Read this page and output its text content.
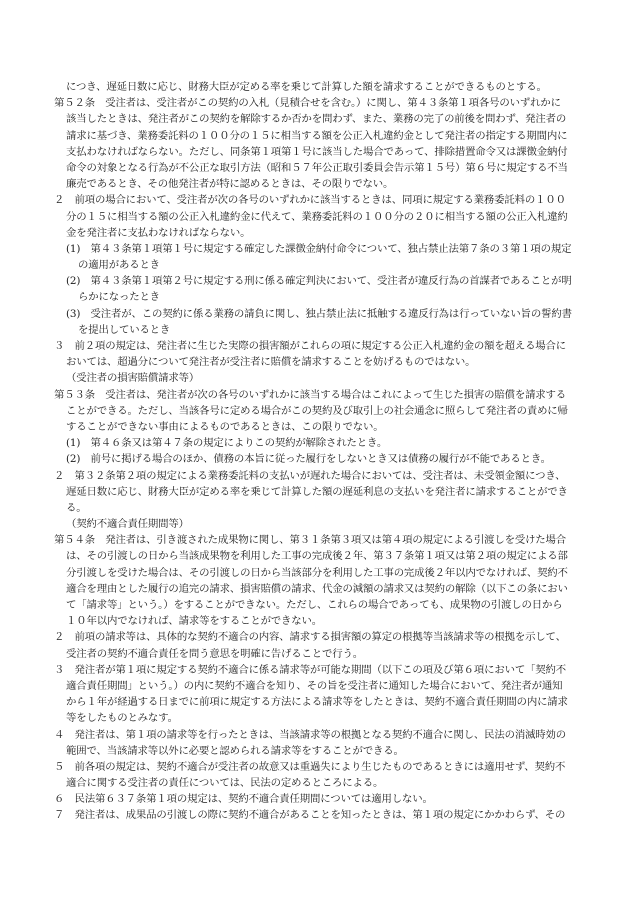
につき、遅延日数に応じ、財務大臣が定める率を乗じて計算した額を請求することができるものとする。
第５２条　受注者は、受注者がこの契約の入札（見積合せを含む。）に関し、第４３条第１項各号のいずれかに
該当したときは、発注者がこの契約を解除するか否かを問わず、また、業務の完了の前後を問わず、発注者の
請求に基づき、業務委託料の１００分の１５に相当する額を公正入札違約金として発注者の指定する期間内に
支払わなければならない。ただし、同条第１項第１号に該当した場合であって、排除措置命令又は課徴金納付
命令の対象となる行為が不公正な取引方法（昭和５７年公正取引委員会告示第１５号）第６号に規定する不当
廉売であるとき、その他発注者が特に認めるときは、その限りでない。
２　前項の場合において、受注者が次の各号のいずれかに該当するときは、同項に規定する業務委託料の１００
分の１５に相当する額の公正入札違約金に代えて、業務委託料の１００分の２０に相当する額の公正入札違約
金を発注者に支払わなければならない。
(1)　第４３条第１項第１号に規定する確定した課徴金納付命令について、独占禁止法第７条の３第１項の規定
の適用があるとき
(2)　第４３条第１項第２号に規定する刑に係る確定判決において、受注者が違反行為の首謀者であることが明
らかになったとき
(3)　受注者が、この契約に係る業務の請負に関し、独占禁止法に抵触する違反行為は行っていない旨の誓約書
を提出しているとき
３　前２項の規定は、発注者に生じた実際の損害額がこれらの項に規定する公正入札違約金の額を超える場合に
おいては、超過分について発注者が受注者に賠償を請求することを妨げるものではない。
（受注者の損害賠償請求等）
第５３条　受注者は、発注者が次の各号のいずれかに該当する場合はこれによって生じた損害の賠償を請求する
ことができる。ただし、当該各号に定める場合がこの契約及び取引上の社会通念に照らして発注者の責めに帰
することができない事由によるものであるときは、この限りでない。
(1)　第４６条又は第４７条の規定によりこの契約が解除されたとき。
(2)　前号に掲げる場合のほか、債務の本旨に従った履行をしないとき又は債務の履行が不能であるとき。
２　第３２条第２項の規定による業務委託料の支払いが遅れた場合においては、受注者は、未受領金額につき、
遅延日数に応じ、財務大臣が定める率を乗じて計算した額の遅延利息の支払いを発注者に請求することができ
る。
（契約不適合責任期間等）
第５４条　発注者は、引き渡された成果物に関し、第３１条第３項又は第４項の規定による引渡しを受けた場合
は、その引渡しの日から当該成果物を利用した工事の完成後２年、第３７条第１項又は第２項の規定による部
分引渡しを受けた場合は、その引渡しの日から当該部分を利用した工事の完成後２年以内でなければ、契約不
適合を理由とした履行の追完の請求、損害賠償の請求、代金の減額の請求又は契約の解除（以下この条におい
て「請求等」という。）をすることができない。ただし、これらの場合であっても、成果物の引渡しの日から
１０年以内でなければ、請求等をすることができない。
２　前項の請求等は、具体的な契約不適合の内容、請求する損害額の算定の根拠等当該請求等の根拠を示して、
受注者の契約不適合責任を問う意思を明確に告げることで行う。
３　発注者が第１項に規定する契約不適合に係る請求等が可能な期間（以下この項及び第６項において「契約不
適合責任期間」という。）の内に契約不適合を知り、その旨を受注者に通知した場合において、発注者が通知
から１年が経過する日までに前項に規定する方法による請求等をしたときは、契約不適合責任期間の内に請求
等をしたものとみなす。
４　発注者は、第１項の請求等を行ったときは、当該請求等の根拠となる契約不適合に関し、民法の消滅時効の
範囲で、当該請求等以外に必要と認められる請求等をすることができる。
５　前各項の規定は、契約不適合が受注者の故意又は重過失により生じたものであるときには適用せず、契約不
適合に関する受注者の責任については、民法の定めるところによる。
６　民法第６３７条第１項の規定は、契約不適合責任期間については適用しない。
７　発注者は、成果品の引渡しの際に契約不適合があることを知ったときは、第１項の規定にかかわらず、その
